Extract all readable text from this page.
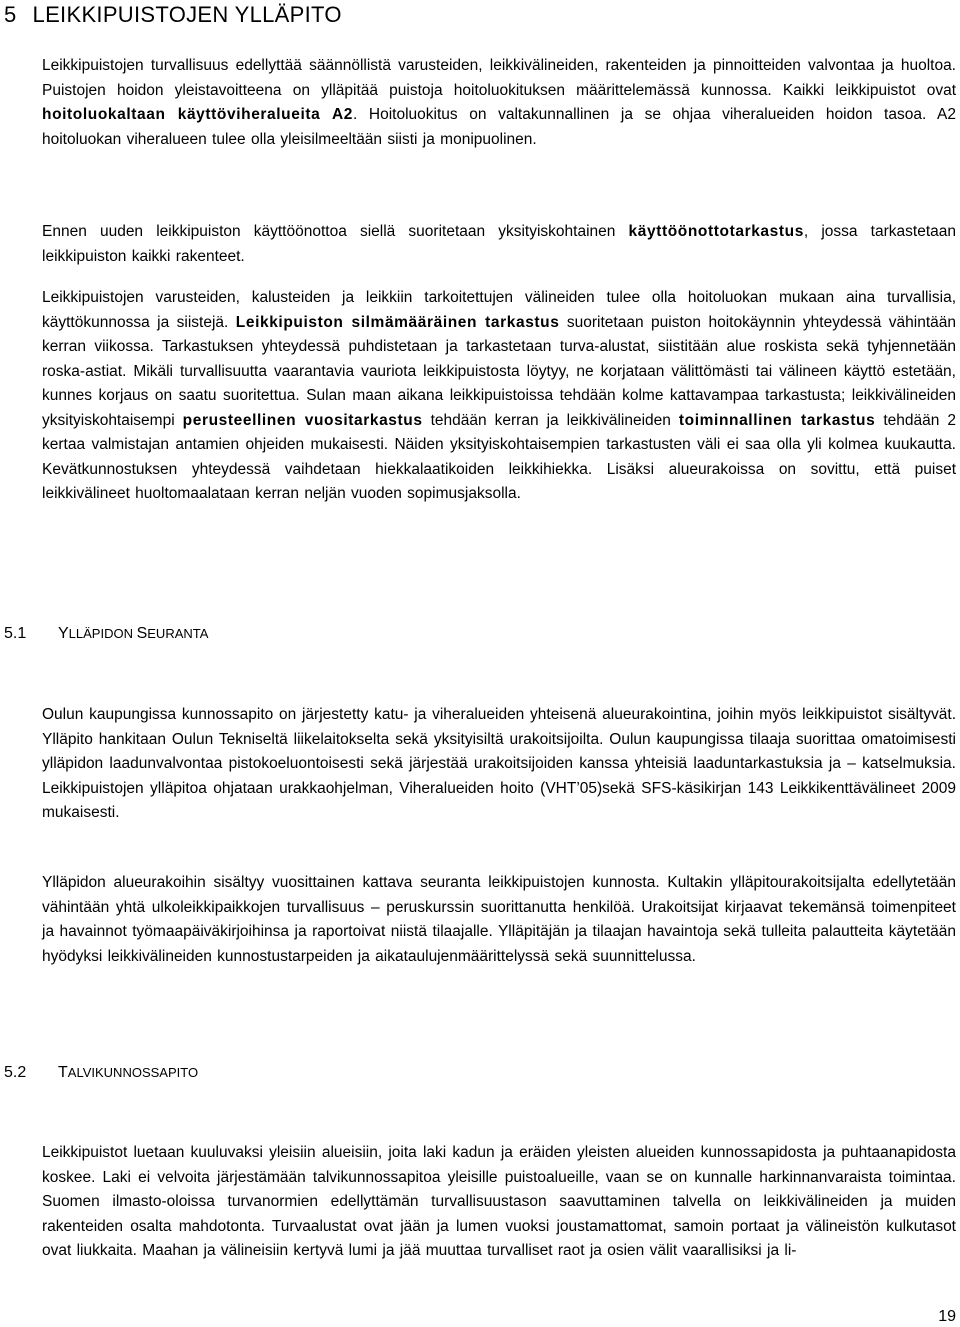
5 LEIKKIPUISTOJEN YLLÄPITO

Leikkipuistojen turvallisuus edellyttää säännöllistä varusteiden, leikkivälineiden, rakenteiden ja pinnoitteiden valvontaa ja huoltoa. Puistojen hoidon yleistavoitteena on ylläpitää puistoja hoitoluokituksen määrittelemässä kunnossa. Kaikki leikkipuistot ovat hoitoluokaltaan käyttöviheralueita A2. Hoitoluokitus on valtakunnallinen ja se ohjaa viheralueiden hoidon tasoa. A2 hoitoluokan viheralueen tulee olla yleisilmeeltään siisti ja monipuolinen.

Ennen uuden leikkipuiston käyttöönottoa siellä suoritetaan yksityiskohtainen käyttöönottotarkastus, jossa tarkastetaan leikkipuiston kaikki rakenteet.

Leikkipuistojen varusteiden, kalusteiden ja leikkiin tarkoitettujen välineiden tulee olla hoitoluokan mukaan aina turvallisia, käyttökunnossa ja siistejä. Leikkipuiston silmämääräinen tarkastus suoritetaan puiston hoitokäynnin yhteydessä vähintään kerran viikossa. Tarkastuksen yhteydessä puhdistetaan ja tarkastetaan turva-alustat, siistitään alue roskista sekä tyhjennetään roska-astiat. Mikäli turvallisuutta vaarantavia vauriota leikkipuistosta löytyy, ne korjataan välittömästi tai välineen käyttö estetään, kunnes korjaus on saatu suoritettua. Sulan maan aikana leikkipuistoissa tehdään kolme kattavampaa tarkastusta; leikkivälineiden yksityiskohtaisempi perusteellinen vuositarkastus tehdään kerran ja leikkivälineiden toiminnallinen tarkastus tehdään 2 kertaa valmistajan antamien ohjeiden mukaisesti. Näiden yksityiskohtaisempien tarkastusten väli ei saa olla yli kolmea kuukautta. Kevätkunnostuksen yhteydessä vaihdetaan hiekkalaatikoiden leikkihiekka. Lisäksi alueurakoissa on sovittu, että puiset leikkivälineet huoltomaalataan kerran neljän vuoden sopimusjaksolla.

5.1 YLLÄPIDON SEURANTA

Oulun kaupungissa kunnossapito on järjestetty katu- ja viheralueiden yhteisenä alueurakointina, joihin myös leikkipuistot sisältyvät. Ylläpito hankitaan Oulun Tekniseltä liikelaitokselta sekä yksityisiltä urakoitsijoilta. Oulun kaupungissa tilaaja suorittaa omatoimisesti ylläpidon laadunvalvontaa pistokoeluontoisesti sekä järjestää urakoitsijoiden kanssa yhteisiä laaduntarkastuksia ja – katselmuksia. Leikkipuistojen ylläpitoa ohjataan urakkaohjelman, Viheralueiden hoito (VHT’05)sekä SFS-käsikirjan 143 Leikkikenttävälineet 2009 mukaisesti.

Ylläpidon alueurakoihin sisältyy vuosittainen kattava seuranta leikkipuistojen kunnosta. Kultakin ylläpitourakoitsijalta edellytetään vähintään yhtä ulkoleikkipaikkojen turvallisuus – peruskurssin suorittanutta henkilöä. Urakoitsijat kirjaavat tekemänsä toimenpiteet ja havainnot työmaapäiväkirjoihinsa ja raportoivat niistä tilaajalle. Ylläpitäjän ja tilaajan havaintoja sekä tulleita palautteita käytetään hyödyksi leikkivälineiden kunnostustarpeiden ja aikataulujenmäärittelyssä sekä suunnittelussa.

5.2 TALVIKUNNOSSAPITO

Leikkipuistot luetaan kuuluvaksi yleisiin alueisiin, joita laki kadun ja eräiden yleisten alueiden kunnossapidosta ja puhtaanapidosta koskee. Laki ei velvoita järjestämään talvikunnossapitoa yleisille puistoalueille, vaan se on kunnalle harkinnanvaraista toimintaa. Suomen ilmasto-oloissa turvanormien edellyttämän turvallisuustason saavuttaminen talvella on leikkivälineiden ja muiden rakenteiden osalta mahdotonta. Turvaalustat ovat jään ja lumen vuoksi joustamattomat, samoin portaat ja välineistön kulkutasot ovat liukkaita. Maahan ja välineisiin kertyvä lumi ja jää muuttaa turvalliset raot ja osien välit vaarallisiksi ja li-

19
